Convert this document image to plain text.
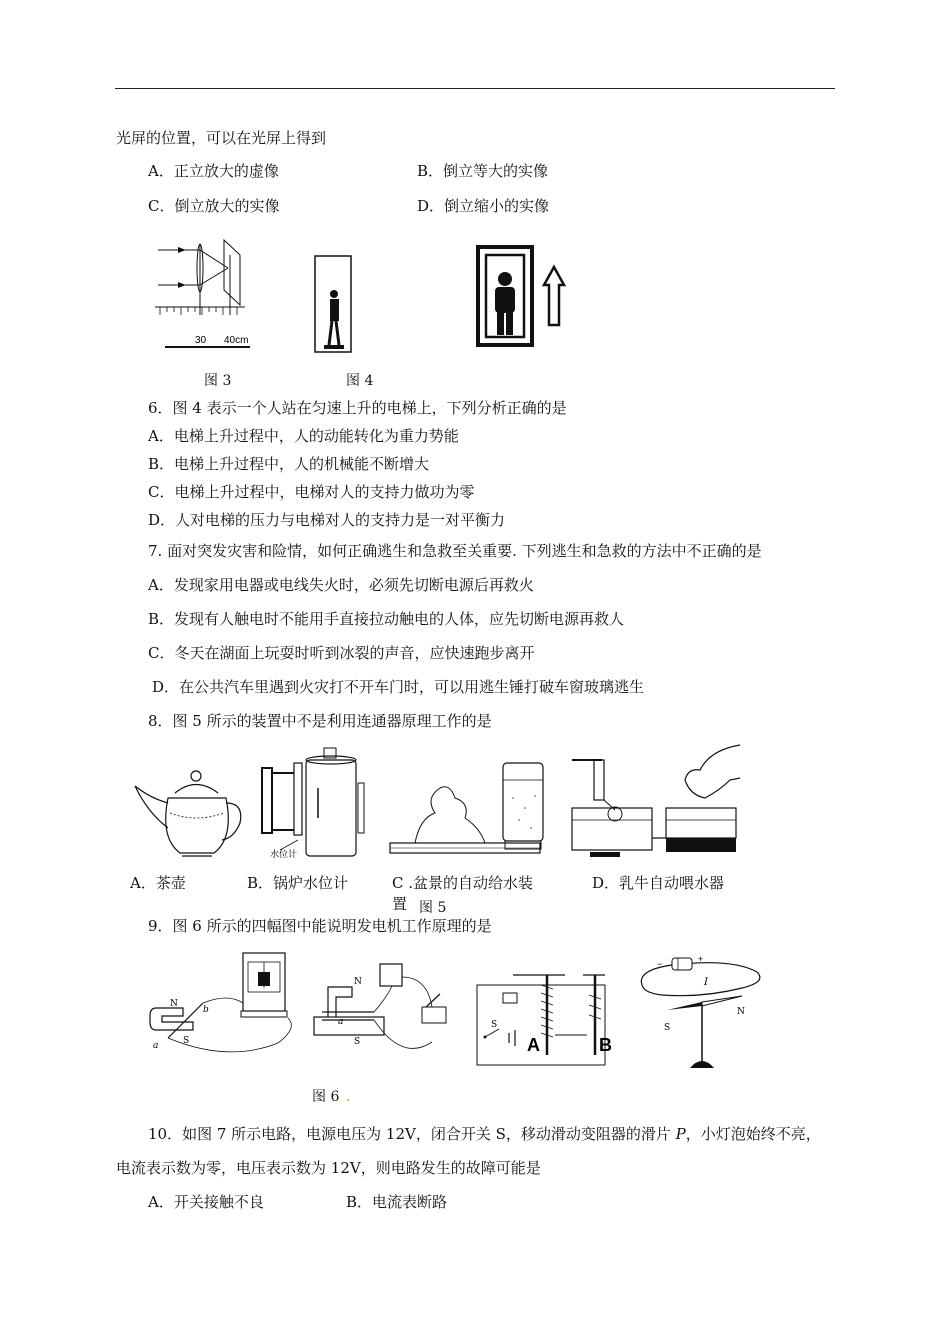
光屏的位置，可以在光屏上得到
A．正立放大的虚像	B．倒立等大的实像
C．倒立放大的实像	D．倒立缩小的实像
30 40cm
图 3	图 4
6．图 4 表示一个人站在匀速上升的电梯上，下列分析正确的是
A．电梯上升过程中，人的动能转化为重力势能
B．电梯上升过程中，人的机械能不断增大
C．电梯上升过程中，电梯对人的支持力做功为零
D．人对电梯的压力与电梯对人的支持力是一对平衡力
7. 面对突发灾害和险情，如何正确逃生和急救至关重要. 下列逃生和急救的方法中不正确的是
A．发现家用电器或电线失火时，必须先切断电源后再救火
B．发现有人触电时不能用手直接拉动触电的人体，应先切断电源再救人
C．冬天在湖面上玩耍时听到冰裂的声音，应快速跑步离开
D．在公共汽车里遇到火灾打不开车门时，可以用逃生锤打破车窗玻璃逃生
8．图 5 所示的装置中不是利用连通器原理工作的是
水位计
A．茶壶	B．锅炉水位计	C .盆景的自动给水装
置
D．乳牛自动喂水器
图 5
9．图 6 所示的四幅图中能说明发电机工作原理的是
N
S
a
b
N
S
a	S
A	B
+
−
I
S
N
图 6 .
10．如图 7 所示电路，电源电压为 12V，闭合开关 S，移动滑动变阻器的滑片 P，小灯泡始终不亮，
电流表示数为零，电压表示数为 12V，则电路发生的故障可能是
A．开关接触不良	B．电流表断路
